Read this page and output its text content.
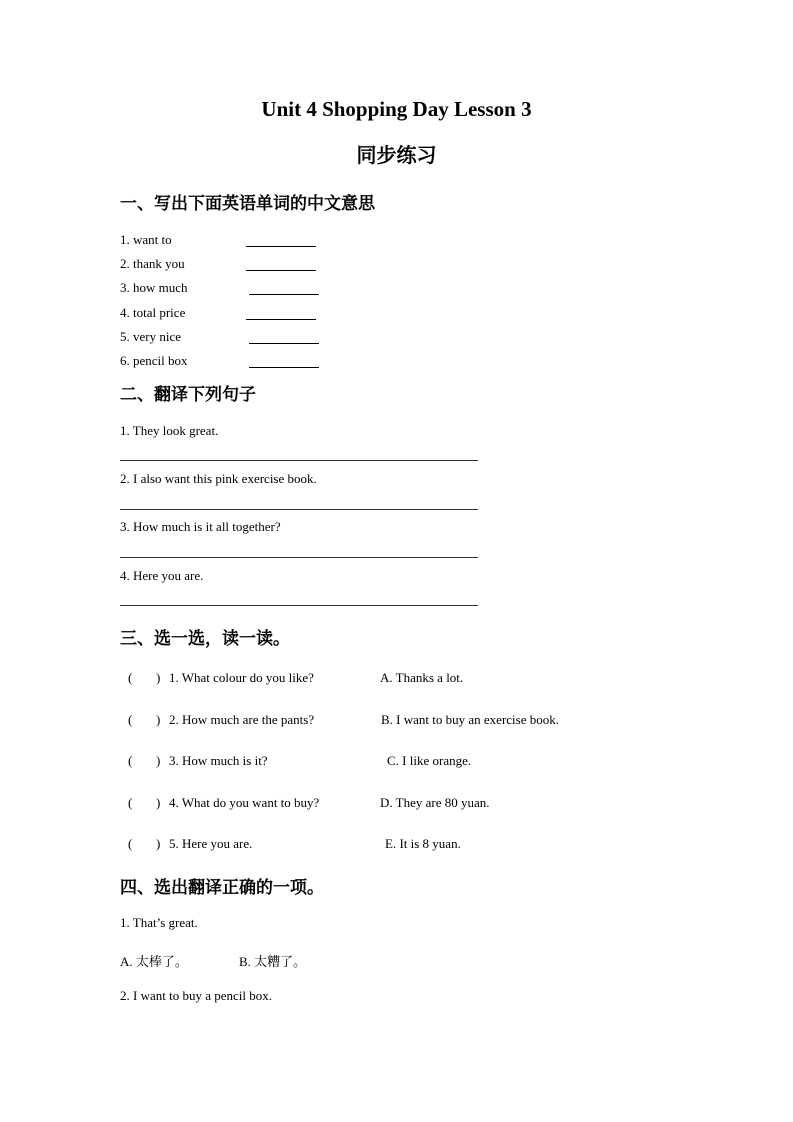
Unit 4 Shopping Day Lesson 3
同步练习
一、写出下面英语单词的中文意思
1. want to
2. thank you
3. how much
4. total price
5. very nice
6. pencil box
二、翻译下列句子
1. They look great.
2. I also want this pink exercise book.
3. How much is it all together?
4. Here you are.
三、选一选，读一读。
( ) 1. What colour do you like?	A. Thanks a lot.
( ) 2. How much are the pants?	B. I want to buy an exercise book.
( ) 3. How much is it?	C. I like orange.
( ) 4. What do you want to buy?	D. They are 80 yuan.
( ) 5. Here you are.	E. It is 8 yuan.
四、选出翻译正确的一项。
1. That’s great.
A. 太棒了。	B. 太糟了。
2. I want to buy a pencil box.
